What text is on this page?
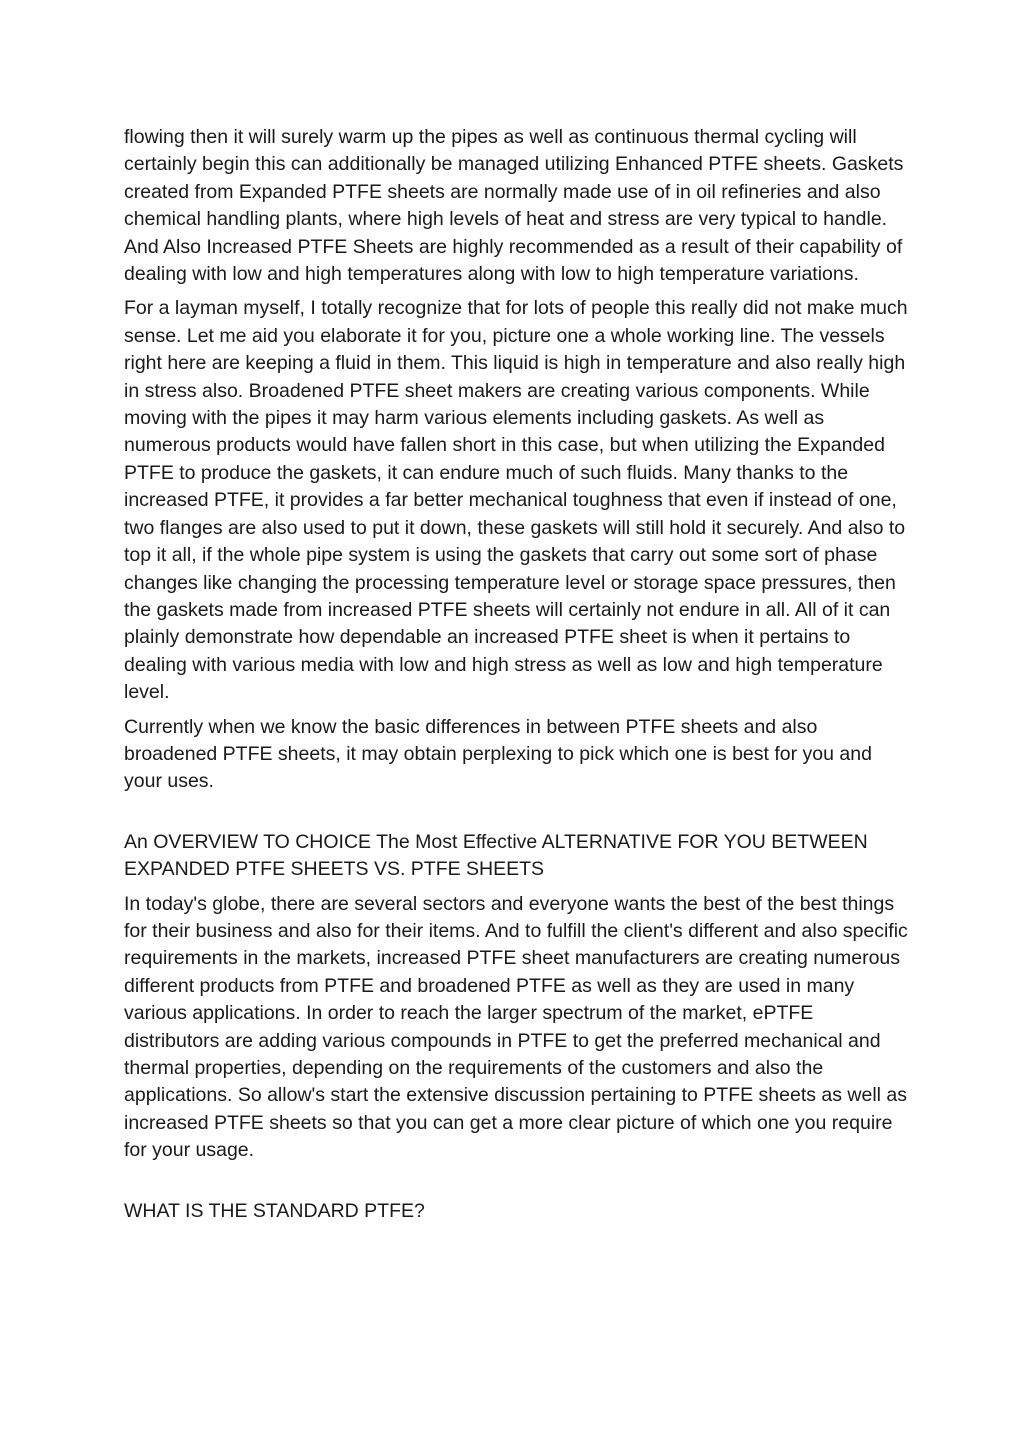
flowing then it will surely warm up the pipes as well as continuous thermal cycling will certainly begin this can additionally be managed utilizing Enhanced PTFE sheets. Gaskets created from Expanded PTFE sheets are normally made use of in oil refineries and also chemical handling plants, where high levels of heat and stress are very typical to handle. And Also Increased PTFE Sheets are highly recommended as a result of their capability of dealing with low and high temperatures along with low to high temperature variations.

For a layman myself, I totally recognize that for lots of people this really did not make much sense. Let me aid you elaborate it for you, picture one a whole working line. The vessels right here are keeping a fluid in them. This liquid is high in temperature and also really high in stress also. Broadened PTFE sheet makers are creating various components. While moving with the pipes it may harm various elements including gaskets. As well as numerous products would have fallen short in this case, but when utilizing the Expanded PTFE to produce the gaskets, it can endure much of such fluids. Many thanks to the increased PTFE, it provides a far better mechanical toughness that even if instead of one, two flanges are also used to put it down, these gaskets will still hold it securely. And also to top it all, if the whole pipe system is using the gaskets that carry out some sort of phase changes like changing the processing temperature level or storage space pressures, then the gaskets made from increased PTFE sheets will certainly not endure in all. All of it can plainly demonstrate how dependable an increased PTFE sheet is when it pertains to dealing with various media with low and high stress as well as low and high temperature level.

Currently when we know the basic differences in between PTFE sheets and also broadened PTFE sheets, it may obtain perplexing to pick which one is best for you and your uses.

An OVERVIEW TO CHOICE The Most Effective ALTERNATIVE FOR YOU BETWEEN EXPANDED PTFE SHEETS VS. PTFE SHEETS

In today's globe, there are several sectors and everyone wants the best of the best things for their business and also for their items. And to fulfill the client's different and also specific requirements in the markets, increased PTFE sheet manufacturers are creating numerous different products from PTFE and broadened PTFE as well as they are used in many various applications. In order to reach the larger spectrum of the market, ePTFE distributors are adding various compounds in PTFE to get the preferred mechanical and thermal properties, depending on the requirements of the customers and also the applications. So allow's start the extensive discussion pertaining to PTFE sheets as well as increased PTFE sheets so that you can get a more clear picture of which one you require for your usage.

WHAT IS THE STANDARD PTFE?
